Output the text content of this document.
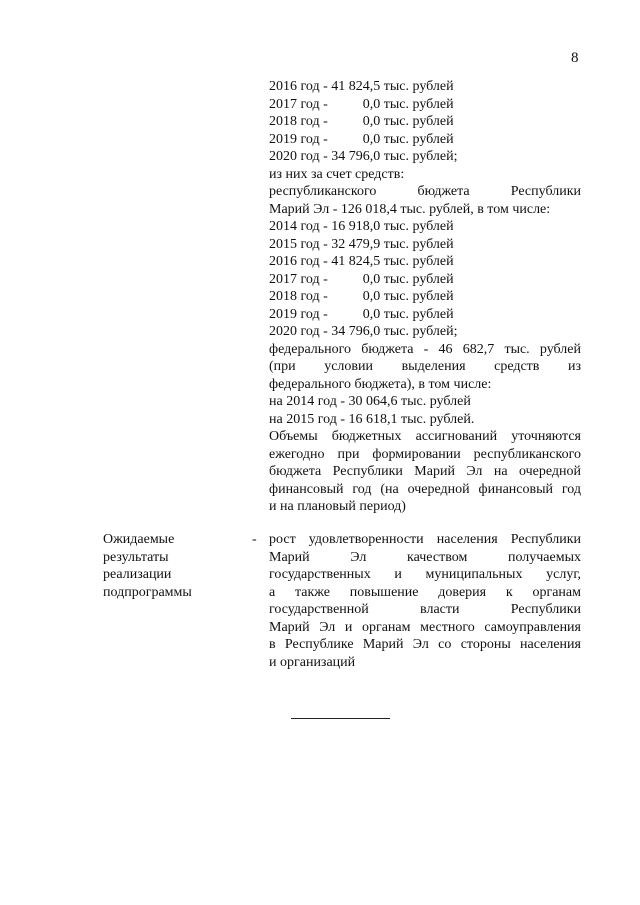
8
2016 год - 41 824,5 тыс. рублей
2017 год -          0,0 тыс. рублей
2018 год -          0,0 тыс. рублей
2019 год -          0,0 тыс. рублей
2020 год - 34 796,0 тыс. рублей;
из них за счет средств:
республиканского бюджета Республики
Марий Эл - 126 018,4 тыс. рублей, в том числе:
2014 год - 16 918,0 тыс. рублей
2015 год - 32 479,9 тыс. рублей
2016 год - 41 824,5 тыс. рублей
2017 год -          0,0 тыс. рублей
2018 год -          0,0 тыс. рублей
2019 год -          0,0 тыс. рублей
2020 год - 34 796,0 тыс. рублей;
федерального бюджета - 46 682,7 тыс. рублей
(при условии выделения средств из
федерального бюджета), в том числе:
на 2014 год - 30 064,6 тыс. рублей
на 2015 год - 16 618,1 тыс. рублей.
Объемы бюджетных ассигнований уточняются
ежегодно при формировании республиканского
бюджета Республики Марий Эл на очередной
финансовый год (на очередной финансовый год
и на плановый период)
Ожидаемые
результаты
реализации
подпрограммы
- рост удовлетворенности населения Республики
Марий Эл качеством получаемых
государственных и муниципальных услуг,
а также повышение доверия к органам
государственной власти Республики
Марий Эл и органам местного самоуправления
в Республике Марий Эл со стороны населения
и организаций
